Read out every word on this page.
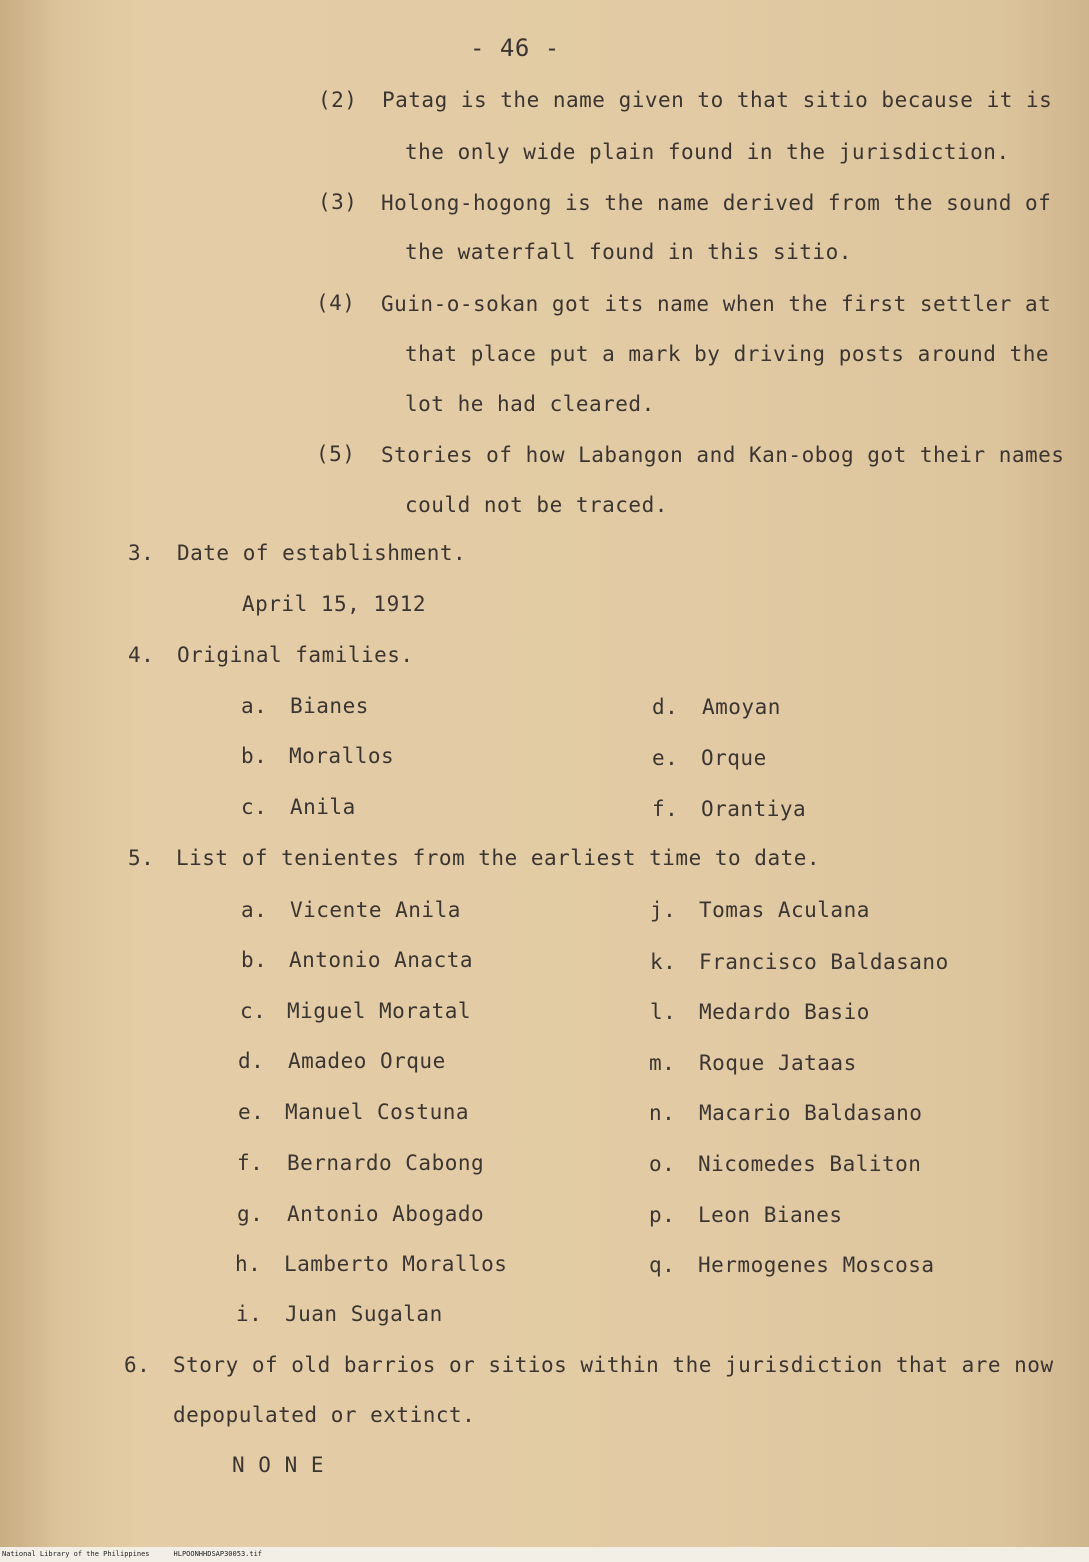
- 46 -
(2) Patag is the name given to that sitio because it is
the only wide plain found in the jurisdiction.
(3) Holong-hogong is the name derived from the sound of
the waterfall found in this sitio.
(4) Guin-o-sokan got its name when the first settler at
that place put a mark by driving posts around the
lot he had cleared.
(5) Stories of how Labangon and Kan-obog got their names
could not be traced.
3. Date of establishment.
April 15, 1912
4. Original families.
a. Bianes
b. Morallos
c. Anila
d. Amoyan
e. Orque
f. Orantiya
5. List of tenientes from the earliest time to date.
a. Vicente Anila
b. Antonio Anacta
c. Miguel Moratal
d. Amadeo Orque
e. Manuel Costuna
f. Bernardo Cabong
g. Antonio Abogado
h. Lamberto Morallos
i. Juan Sugalan
j. Tomas Aculana
k. Francisco Baldasano
l. Medardo Basio
m. Roque Jataas
n. Macario Baldasano
o. Nicomedes Baliton
p. Leon Bianes
q. Hermogenes Moscosa
6. Story of old barrios or sitios within the jurisdiction that are now
depopulated or extinct.
N O N E
National Library of the Philippines	HLPOONHHDSAP30053.tif
